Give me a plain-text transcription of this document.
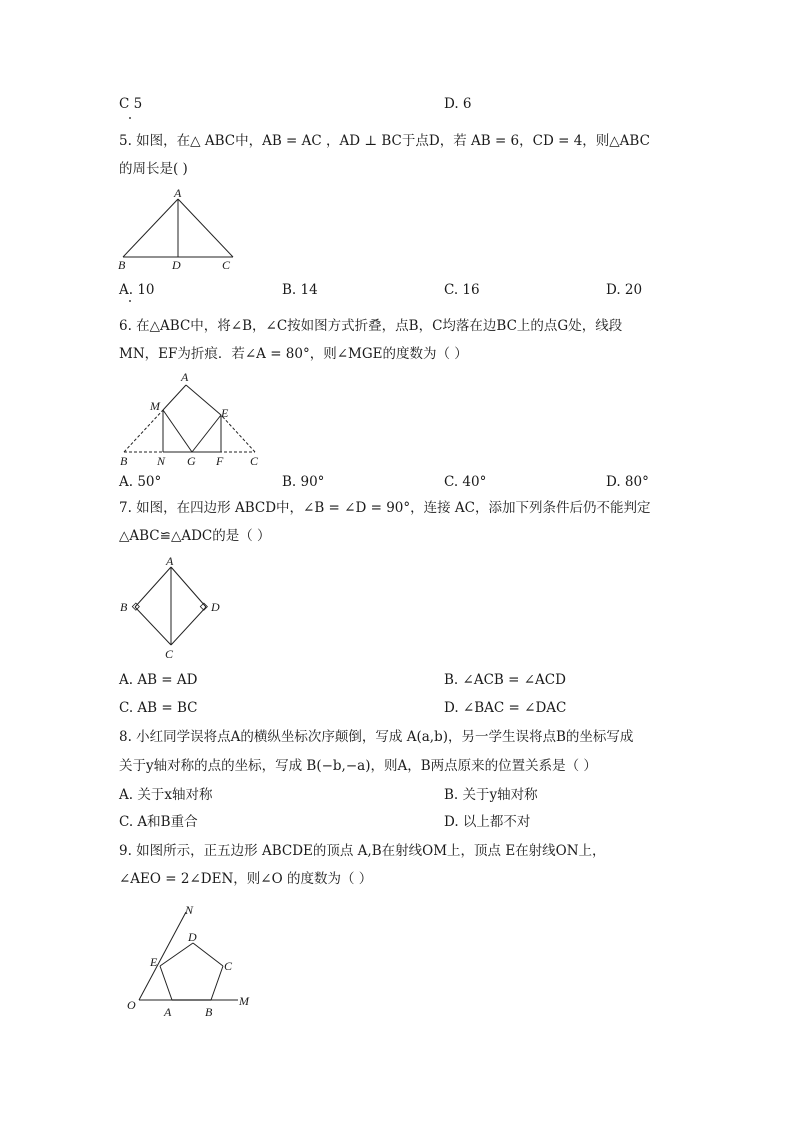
C 5	D. 6
5. 如图，在△ ABC中，AB = AC ，AD ⊥ BC于点D，若 AB = 6，CD = 4，则△ABC
的周长是( )
A
B	D	C
A. 10	B. 14	C. 16	D. 20
6. 在△ABC中，将∠B，∠C按如图方式折叠，点B，C均落在边BC上的点G处，线段
MN，EF为折痕．若∠A = 80°，则∠MGE的度数为（ ）
A
M	E
B N G F C
A. 50°	B. 90°	C. 40°	D. 80°
7. 如图，在四边形 ABCD中，∠B = ∠D = 90°，连接 AC，添加下列条件后仍不能判定
△ABC≌△ADC的是（ ）
A
B	D
C
A. AB = AD	B. ∠ACB = ∠ACD
C. AB = BC	D. ∠BAC = ∠DAC
8. 小红同学误将点A的横纵坐标次序颠倒，写成 A(a,b)，另一学生误将点B的坐标写成
关于y轴对称的点的坐标，写成 B(−b,−a)，则A，B两点原来的位置关系是（ ）
A. 关于x轴对称	B. 关于y轴对称
C. A和B重合	D. 以上都不对
9. 如图所示，正五边形 ABCDE的顶点 A,B在射线OM上，顶点 E在射线ON上，
∠AEO = 2∠DEN，则∠O 的度数为（ ）
N
D
E	C
O A	B
M
